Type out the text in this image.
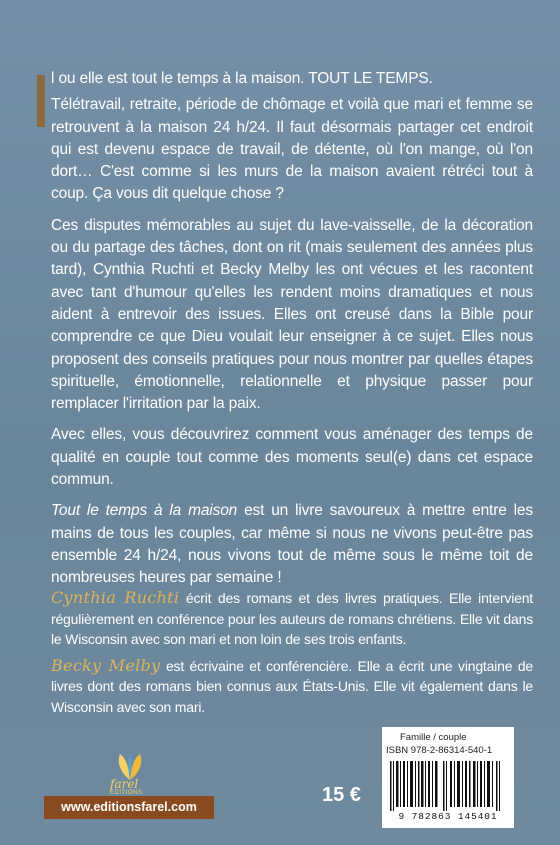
l ou elle est tout le temps à la maison. TOUT LE TEMPS.

Télétravail, retraite, période de chômage et voilà que mari et femme se retrouvent à la maison 24 h/24. Il faut désormais partager cet endroit qui est devenu espace de travail, de détente, où l'on mange, où l'on dort… C'est comme si les murs de la maison avaient rétréci tout à coup. Ça vous dit quelque chose ?

Ces disputes mémorables au sujet du lave-vaisselle, de la décoration ou du partage des tâches, dont on rit (mais seulement des années plus tard), Cynthia Ruchti et Becky Melby les ont vécues et les racontent avec tant d'humour qu'elles les rendent moins dramatiques et nous aident à entrevoir des issues. Elles ont creusé dans la Bible pour comprendre ce que Dieu voulait leur enseigner à ce sujet. Elles nous proposent des conseils pratiques pour nous montrer par quelles étapes spirituelle, émotionnelle, relationnelle et physique passer pour remplacer l'irritation par la paix.

Avec elles, vous découvrirez comment vous aménager des temps de qualité en couple tout comme des moments seul(e) dans cet espace commun.

Tout le temps à la maison est un livre savoureux à mettre entre les mains de tous les couples, car même si nous ne vivons peut-être pas ensemble 24 h/24, nous vivons tout de même sous le même toit de nombreuses heures par semaine !

Cynthia Ruchti écrit des romans et des livres pratiques. Elle intervient régulièrement en conférence pour les auteurs de romans chrétiens. Elle vit dans le Wisconsin avec son mari et non loin de ses trois enfants.

Becky Melby est écrivaine et conférencière. Elle a écrit une vingtaine de livres dont des romans bien connus aux États-Unis. Elle vit également dans le Wisconsin avec son mari.

farel
EDITIONS
www.editionsfarel.com
15 €
Famille / couple
ISBN 978-2-86314-540-1
9 782863 145401
